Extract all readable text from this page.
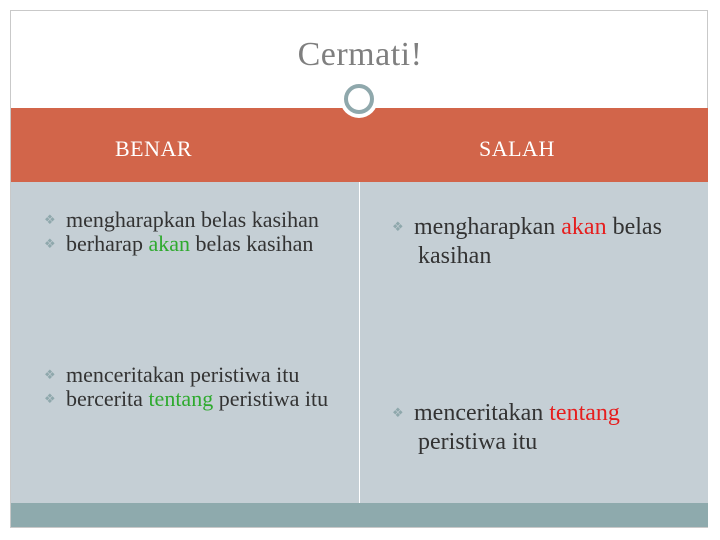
Cermati!
BENAR	SALAH

❖ mengharapkan belas kasihan

❖ berharap akan belas kasihan

❖ mengharapkan akan belas kasihan

❖ menceritakan peristiwa itu

❖ bercerita tentang peristiwa itu

❖ menceritakan tentang peristiwa itu
